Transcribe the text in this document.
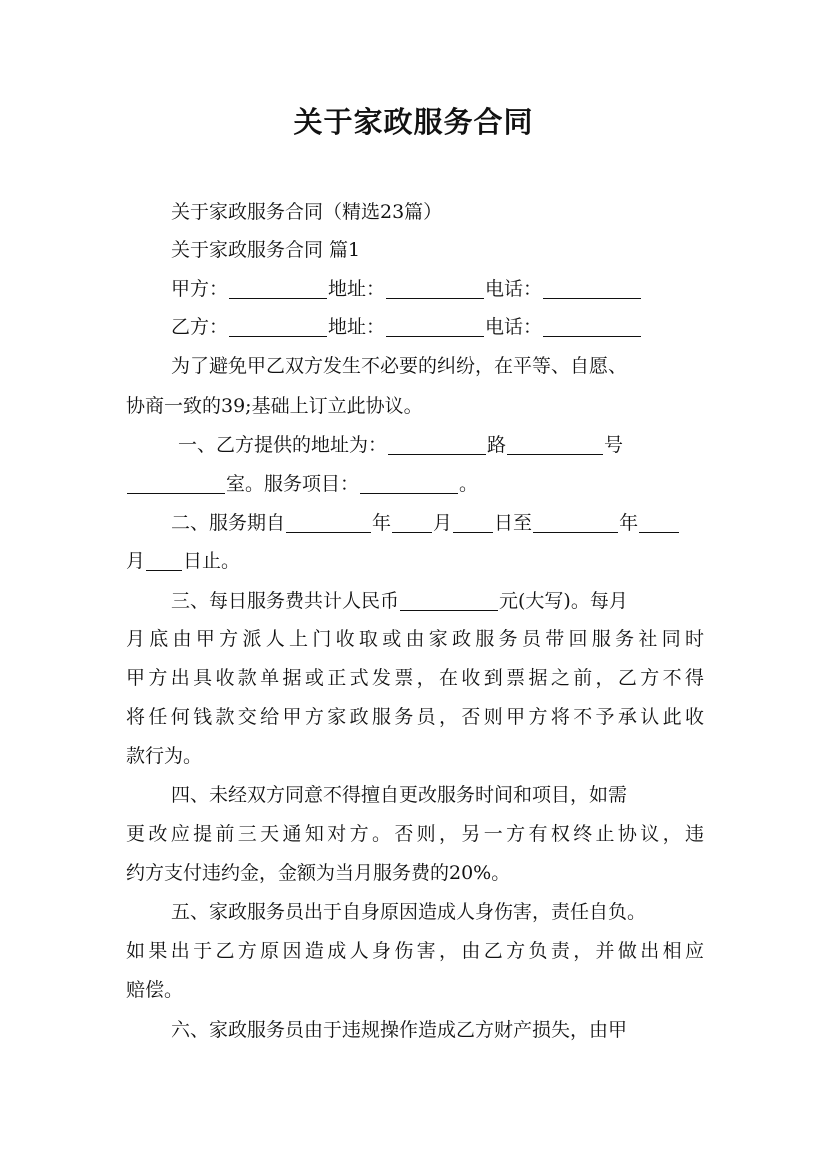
关于家政服务合同
关于家政服务合同（精选23篇）
关于家政服务合同 篇1
甲方：	地址：	电话：
乙方：	地址：	电话：
为了避免甲乙双方发生不必要的纠纷，在平等、自愿、
协商一致的39;基础上订立此协议。
一、乙方提供的地址为：	路	号
室。服务项目：	。
二、服务期自	年 月 日至	年
月 日止。
三、每日服务费共计人民币	元(大写)。每月
月底由甲方派人上门收取或由家政服务员带回服务社同时
甲方出具收款单据或正式发票，在收到票据之前，乙方不得
将任何钱款交给甲方家政服务员，否则甲方将不予承认此收
款行为。
四、未经双方同意不得擅自更改服务时间和项目，如需
更改应提前三天通知对方。否则，另一方有权终止协议，违
约方支付违约金，金额为当月服务费的20%。
五、家政服务员出于自身原因造成人身伤害，责任自负。
如果出于乙方原因造成人身伤害，由乙方负责，并做出相应
赔偿。
六、家政服务员由于违规操作造成乙方财产损失，由甲
